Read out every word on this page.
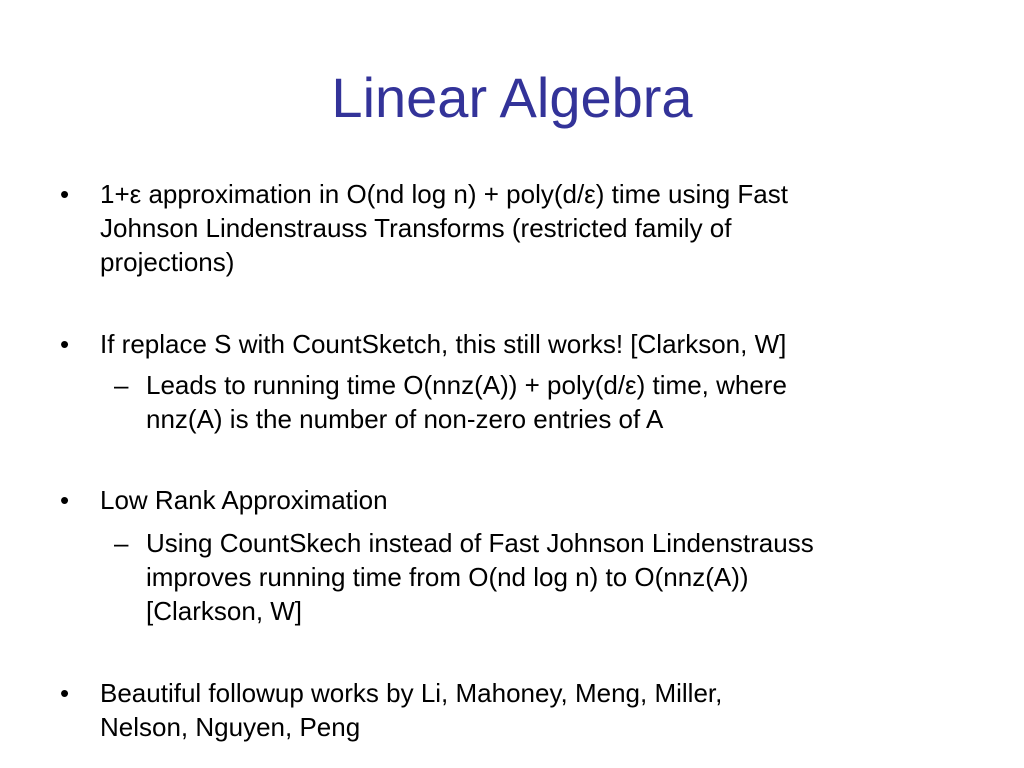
Linear Algebra
•	1+ε approximation in O(nd log n) + poly(d/ε) time using Fast
Johnson Lindenstrauss Transforms (restricted family of
projections)
•	If replace S with CountSketch, this still works! [Clarkson, W]
– Leads to running time O(nnz(A)) + poly(d/ε) time, where
nnz(A) is the number of non-zero entries of A
•	Low Rank Approximation
– Using CountSkech instead of Fast Johnson Lindenstrauss
improves running time from O(nd log n) to O(nnz(A))
[Clarkson, W]
•	Beautiful followup works by Li, Mahoney, Meng, Miller,
Nelson, Nguyen, Peng
